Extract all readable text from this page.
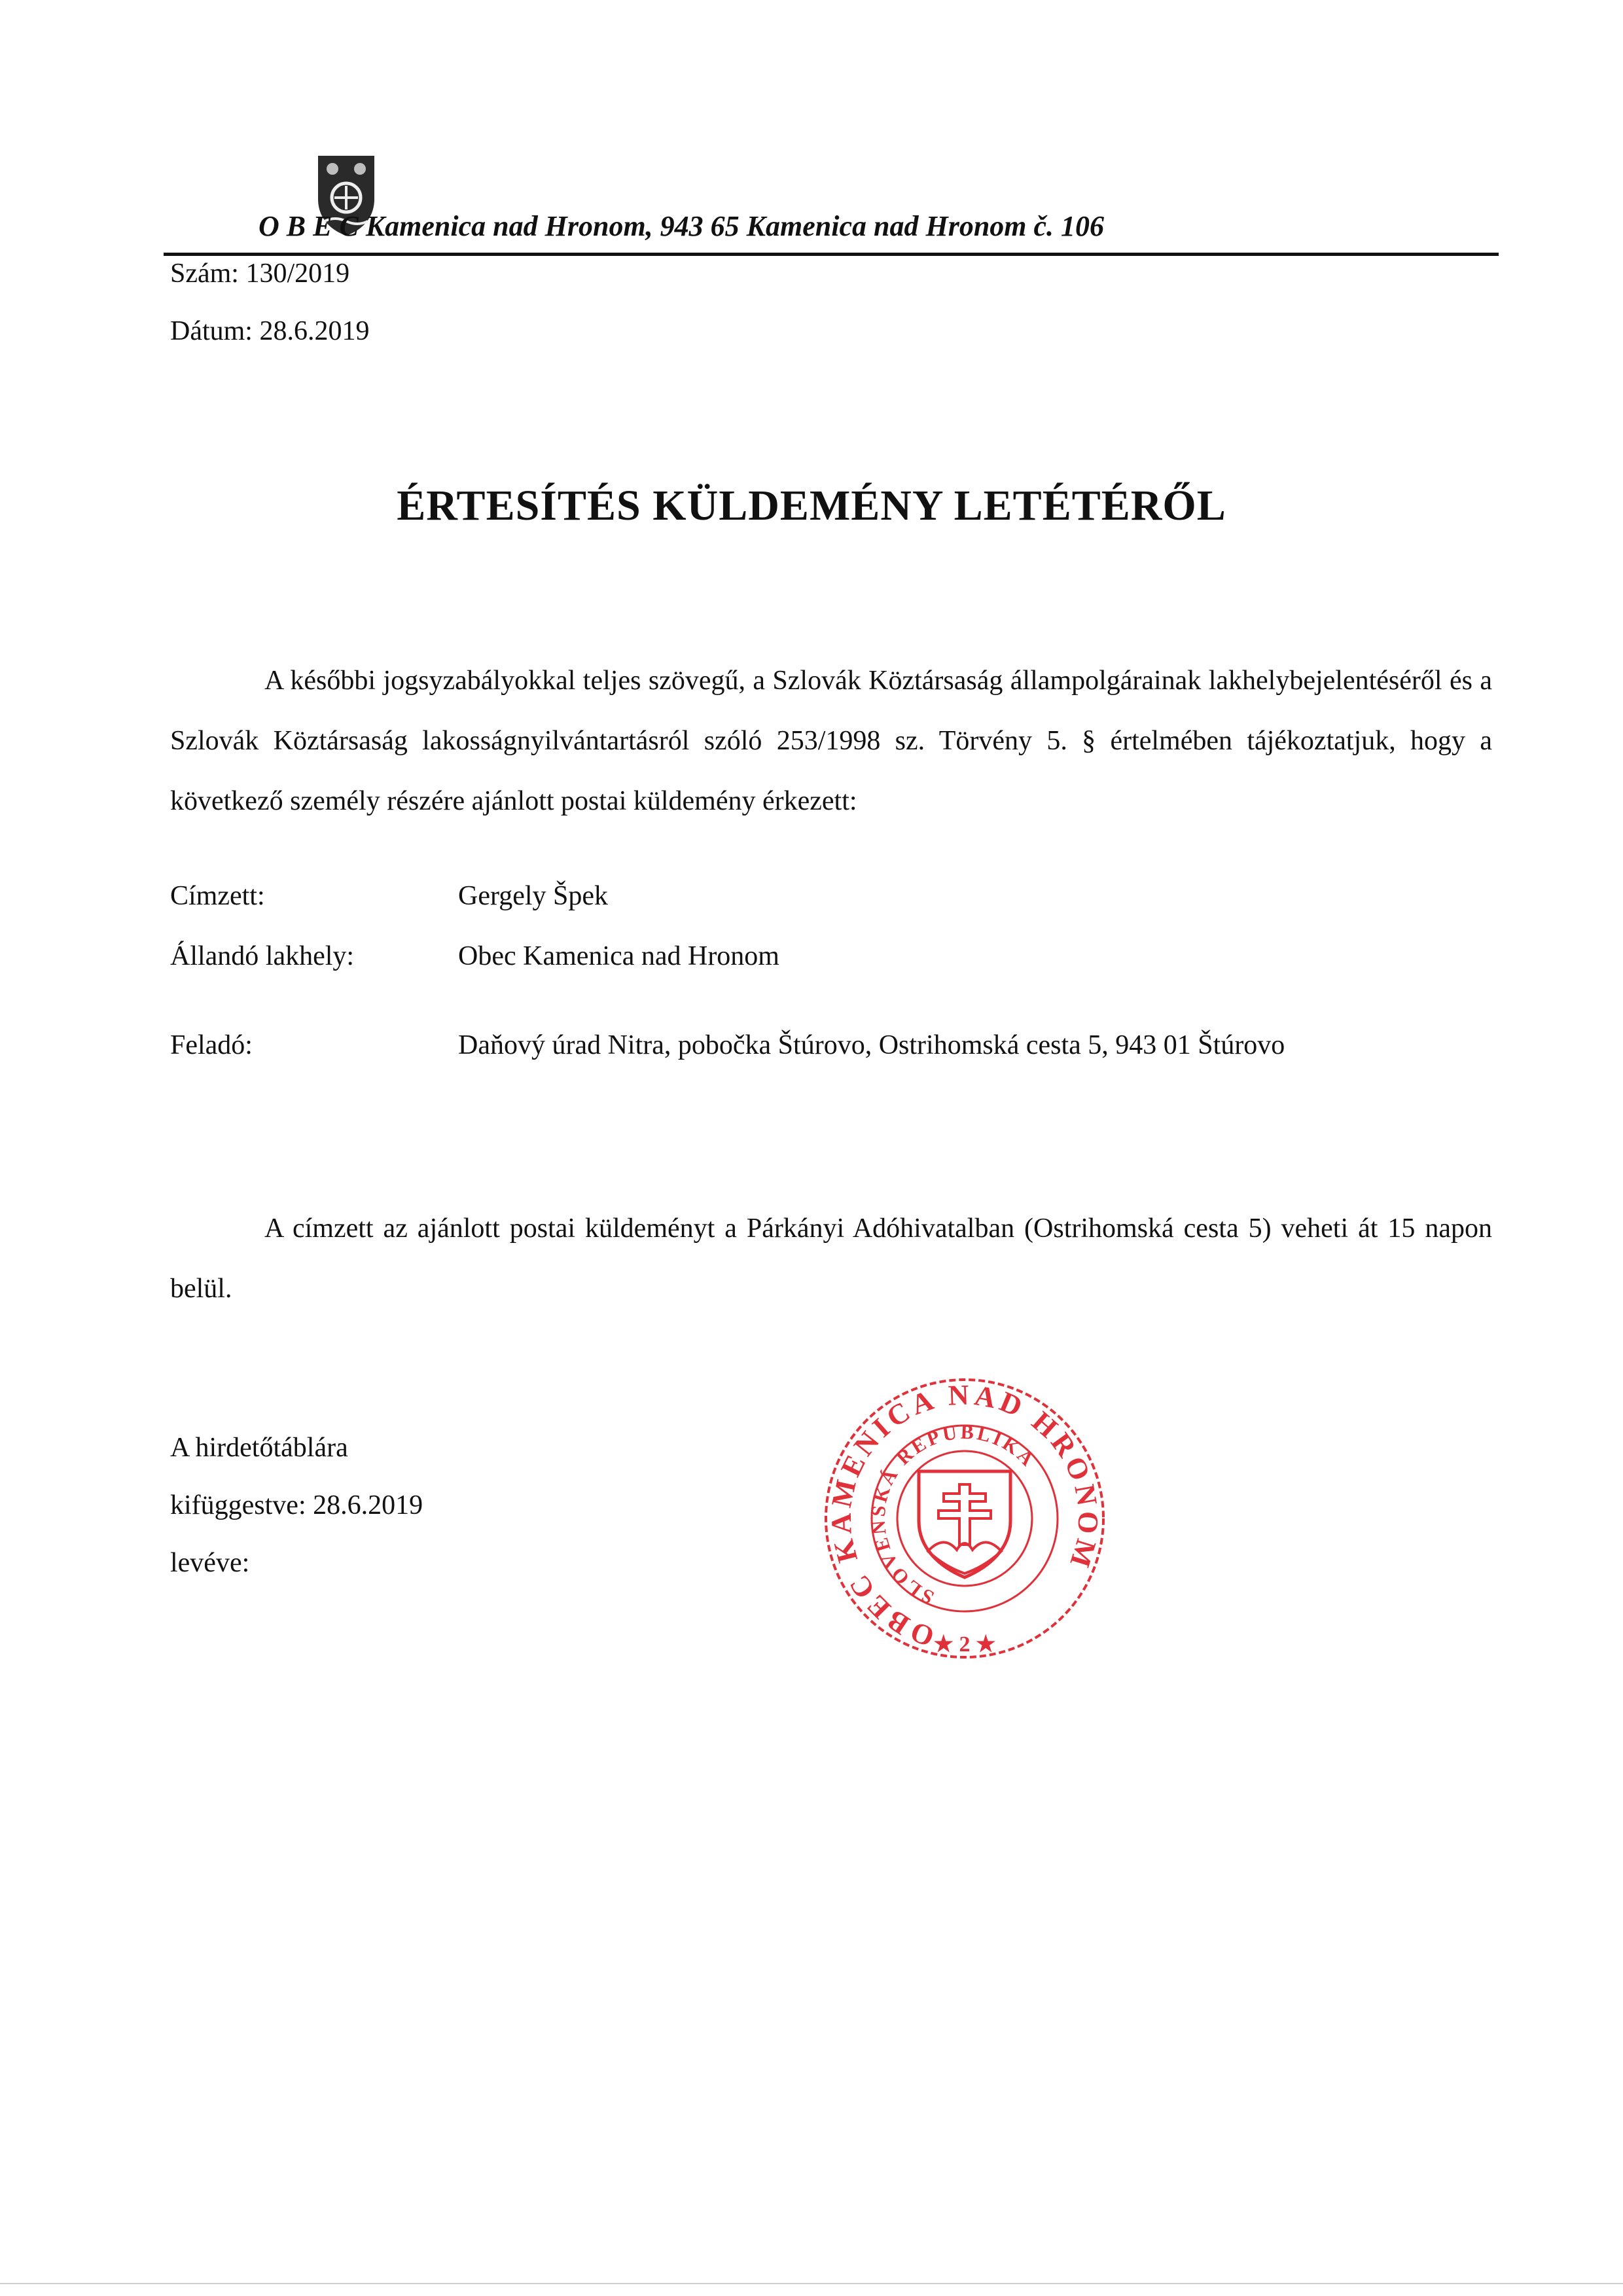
O B E C Kamenica nad Hronom, 943 65 Kamenica nad Hronom č. 106
Szám: 130/2019
Dátum: 28.6.2019
ÉRTESÍTÉS KÜLDEMÉNY LETÉTÉRŐL
A későbbi jogsyzabályokkal teljes szövegű, a Szlovák Köztársaság állampolgárainak lakhelybejelentéséről és a Szlovák Köztársaság lakosságnyilvántartásról szóló 253/1998 sz. Törvény 5. § értelmében tájékoztatjuk, hogy a következő személy részére ajánlott postai küldemény érkezett:
Címzett:	Gergely Špek
Állandó lakhely:	Obec Kamenica nad Hronom
Feladó:	Daňový úrad Nitra, pobočka Štúrovo, Ostrihomská cesta 5, 943 01 Štúrovo
A címzett az ajánlott postai küldeményt a Párkányi Adóhivatalban (Ostrihomská cesta 5) veheti át 15 napon belül.
A hirdetőtáblára
kifüggestve: 28.6.2019
levéve:
OBEC KAMENICA NAD HRONOM
SLOVENSKÁ REPUBLIKA
★ 2 ★
